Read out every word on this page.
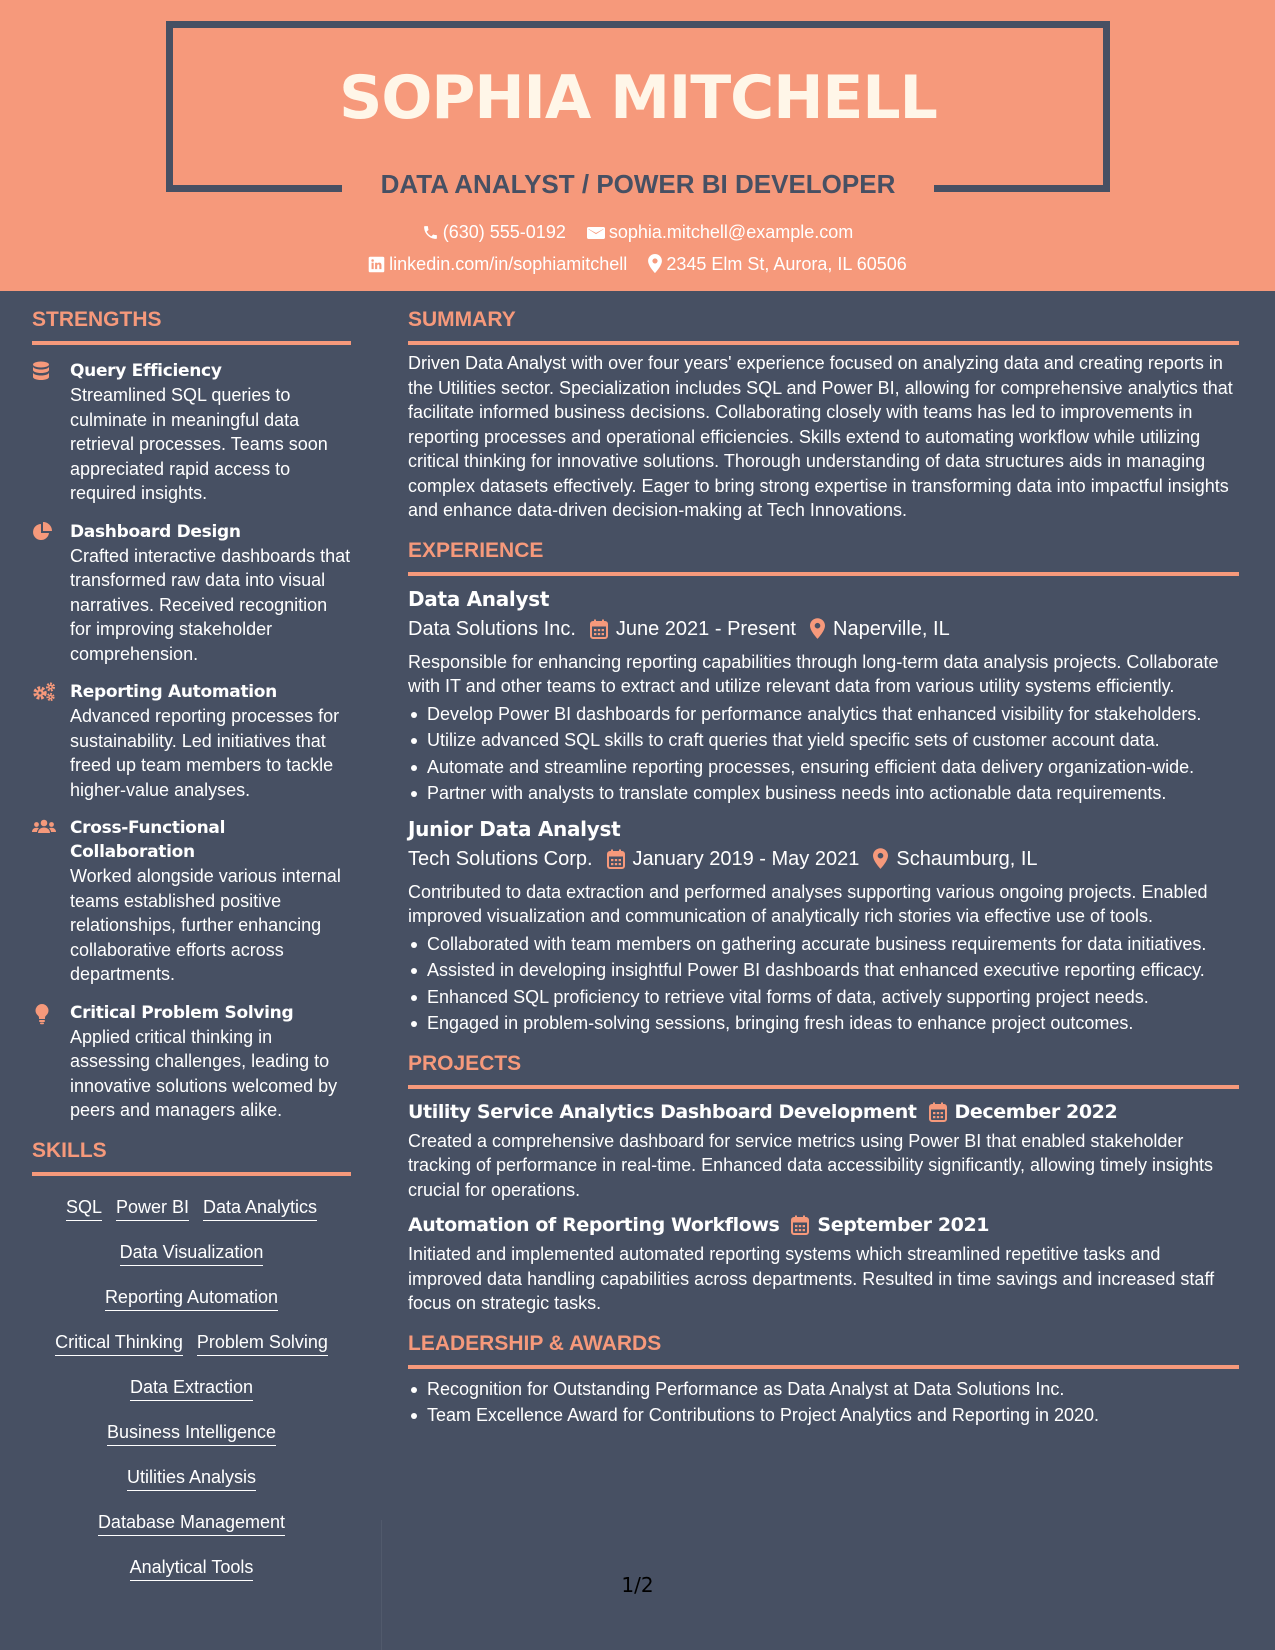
SOPHIA MITCHELL
DATA ANALYST / POWER BI DEVELOPER
(630) 555-0192 sophia.mitchell@example.com
linkedin.com/in/sophiamitchell 2345 Elm St, Aurora, IL 60506
STRENGTHS
Query Efficiency
Streamlined SQL queries to culminate in meaningful data retrieval processes. Teams soon appreciated rapid access to required insights.
Dashboard Design
Crafted interactive dashboards that transformed raw data into visual narratives. Received recognition for improving stakeholder comprehension.
Reporting Automation
Advanced reporting processes for sustainability. Led initiatives that freed up team members to tackle higher-value analyses.
Cross-Functional Collaboration
Worked alongside various internal teams established positive relationships, further enhancing collaborative efforts across departments.
Critical Problem Solving
Applied critical thinking in assessing challenges, leading to innovative solutions welcomed by peers and managers alike.
SKILLS
SQL Power BI Data Analytics
Data Visualization
Reporting Automation
Critical Thinking Problem Solving
Data Extraction
Business Intelligence
Utilities Analysis
Database Management
Analytical Tools
SUMMARY
Driven Data Analyst with over four years' experience focused on analyzing data and creating reports in the Utilities sector. Specialization includes SQL and Power BI, allowing for comprehensive analytics that facilitate informed business decisions. Collaborating closely with teams has led to improvements in reporting processes and operational efficiencies. Skills extend to automating workflow while utilizing critical thinking for innovative solutions. Thorough understanding of data structures aids in managing complex datasets effectively. Eager to bring strong expertise in transforming data into impactful insights and enhance data-driven decision-making at Tech Innovations.
EXPERIENCE
Data Analyst
Data Solutions Inc. June 2021 - Present Naperville, IL
Responsible for enhancing reporting capabilities through long-term data analysis projects. Collaborate with IT and other teams to extract and utilize relevant data from various utility systems efficiently.
Develop Power BI dashboards for performance analytics that enhanced visibility for stakeholders.
Utilize advanced SQL skills to craft queries that yield specific sets of customer account data.
Automate and streamline reporting processes, ensuring efficient data delivery organization-wide.
Partner with analysts to translate complex business needs into actionable data requirements.
Junior Data Analyst
Tech Solutions Corp. January 2019 - May 2021 Schaumburg, IL
Contributed to data extraction and performed analyses supporting various ongoing projects. Enabled improved visualization and communication of analytically rich stories via effective use of tools.
Collaborated with team members on gathering accurate business requirements for data initiatives.
Assisted in developing insightful Power BI dashboards that enhanced executive reporting efficacy.
Enhanced SQL proficiency to retrieve vital forms of data, actively supporting project needs.
Engaged in problem-solving sessions, bringing fresh ideas to enhance project outcomes.
PROJECTS
Utility Service Analytics Dashboard Development December 2022
Created a comprehensive dashboard for service metrics using Power BI that enabled stakeholder tracking of performance in real-time. Enhanced data accessibility significantly, allowing timely insights crucial for operations.
Automation of Reporting Workflows September 2021
Initiated and implemented automated reporting systems which streamlined repetitive tasks and improved data handling capabilities across departments. Resulted in time savings and increased staff focus on strategic tasks.
LEADERSHIP & AWARDS
Recognition for Outstanding Performance as Data Analyst at Data Solutions Inc.
Team Excellence Award for Contributions to Project Analytics and Reporting in 2020.
1/2
